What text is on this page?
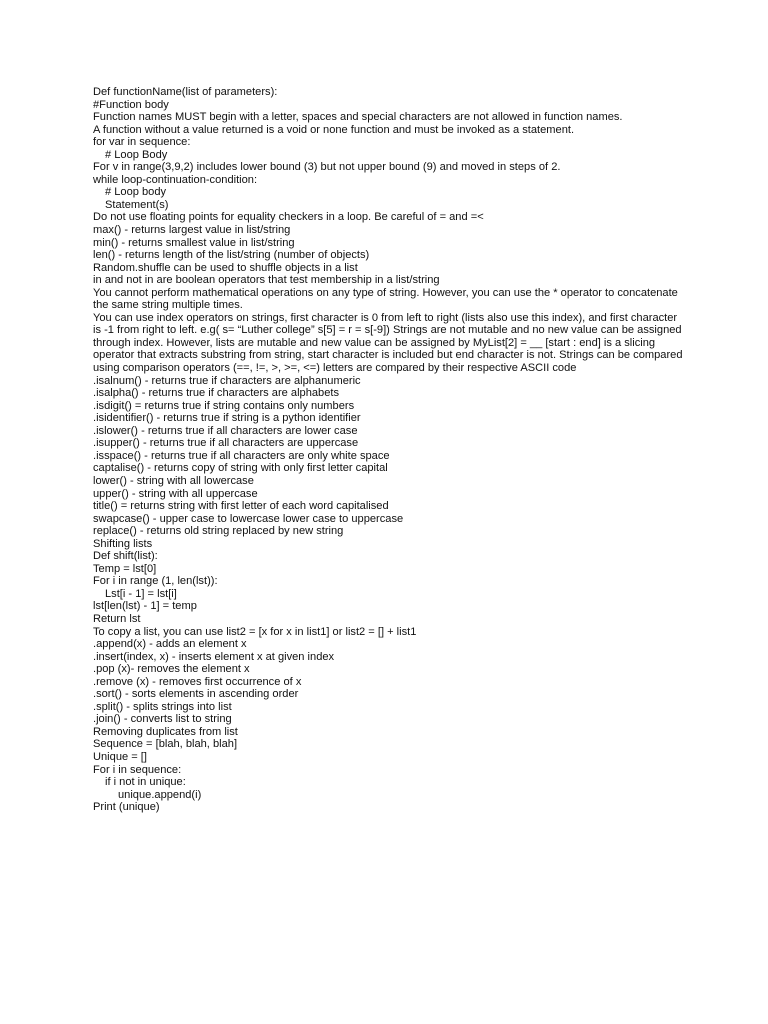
Def functionName(list of parameters):

#Function body

Function names MUST begin with a letter, spaces and special characters are not allowed in function names.

A function without a value returned is a void or none function and must be invoked as a statement.

for var in sequence:

# Loop Body

For v in range(3,9,2) includes lower bound (3) but not upper bound (9) and moved in steps of 2.

while loop-continuation-condition:

# Loop body

Statement(s)

Do not use floating points for equality checkers in a loop. Be careful of = and =<

max() - returns largest value in list/string

min() - returns smallest value in list/string

len() - returns length of the list/string (number of objects)

Random.shuffle can be used to shuffle objects in a list

in and not in are boolean operators that test membership in a list/string

You cannot perform mathematical operations on any type of string. However, you can use the * operator to concatenate the same string multiple times.

You can use index operators on strings, first character is 0 from left to right (lists also use this index), and first character is -1 from right to left. e.g( s= “Luther college” s[5] = r = s[-9]) Strings are not mutable and no new value can be assigned through index. However, lists are mutable and new value can be assigned by MyList[2] = __ [start : end] is a slicing operator that extracts substring from string, start character is included but end character is not. Strings can be compared using comparison operators (==, !=, >, >=, <=) letters are compared by their respective ASCII code

.isalnum() - returns true if characters are alphanumeric

.isalpha() - returns true if characters are alphabets

.isdigit() = returns true if string contains only numbers

.isidentifier() - returns true if string is a python identifier

.islower() - returns true if all characters are lower case

.isupper() - returns true if all characters are uppercase

.isspace() - returns true if all characters are only white space

captalise() - returns copy of string with only first letter capital

lower() - string with all lowercase

upper() - string with all uppercase

title() = returns string with first letter of each word capitalised

swapcase() - upper case to lowercase lower case to uppercase

replace() - returns old string replaced by new string

Shifting lists

Def shift(list):

Temp = lst[0]

For i in range (1, len(lst)):

Lst[i - 1] = lst[i]

lst[len(lst) - 1] = temp

Return lst

To copy a list, you can use list2 = [x for x in list1] or list2 = [] + list1

.append(x) - adds an element x

.insert(index, x) - inserts element x at given index

.pop (x)- removes the element x

.remove (x) - removes first occurrence of x

.sort() - sorts elements in ascending order

.split() - splits strings into list

.join() - converts list to string

Removing duplicates from list

Sequence = [blah, blah, blah]

Unique = []

For i in sequence:

if i not in unique:

unique.append(i)

Print (unique)
